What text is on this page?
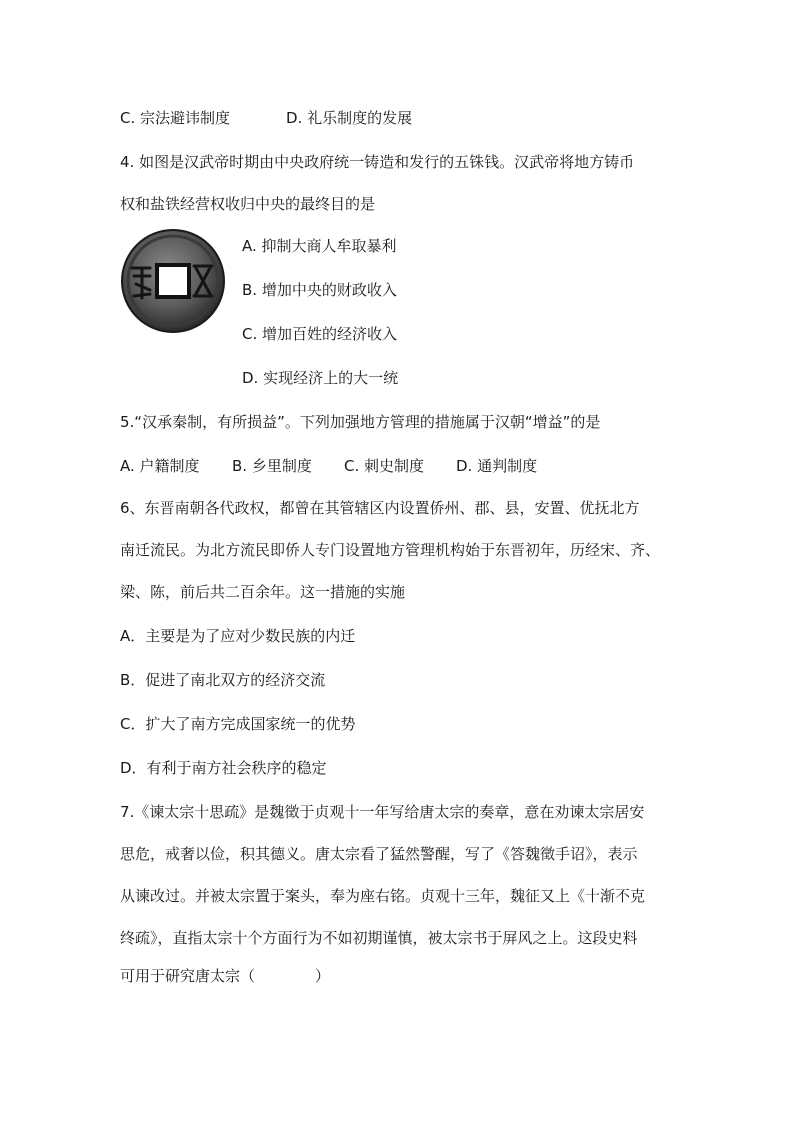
C. 宗法避讳制度	D. 礼乐制度的发展
4. 如图是汉武帝时期由中央政府统一铸造和发行的五铢钱。汉武帝将地方铸币
权和盐铁经营权收归中央的最终目的是
A. 抑制大商人牟取暴利
B. 增加中央的财政收入
C. 增加百姓的经济收入
D. 实现经济上的大一统
5.“汉承秦制，有所损益”。下列加强地方管理的措施属于汉朝“增益”的是
A. 户籍制度 B. 乡里制度 C. 刺史制度 D. 通判制度
6、东晋南朝各代政权，都曾在其管辖区内设置侨州、郡、县，安置、优抚北方
南迁流民。为北方流民即侨人专门设置地方管理机构始于东晋初年，历经宋、齐、
梁、陈，前后共二百余年。这一措施的实施
A．主要是为了应对少数民族的内迁
B．促进了南北双方的经济交流
C．扩大了南方完成国家统一的优势
D．有利于南方社会秩序的稳定
7.《谏太宗十思疏》是魏徵于贞观十一年写给唐太宗的奏章，意在劝谏太宗居安
思危，戒奢以俭，积其德义。唐太宗看了猛然警醒，写了《答魏徵手诏》，表示
从谏改过。并被太宗置于案头，奉为座右铭。贞观十三年，魏征又上《十渐不克
终疏》，直指太宗十个方面行为不如初期谨慎，被太宗书于屏风之上。这段史料
可用于研究唐太宗（　　　　）
